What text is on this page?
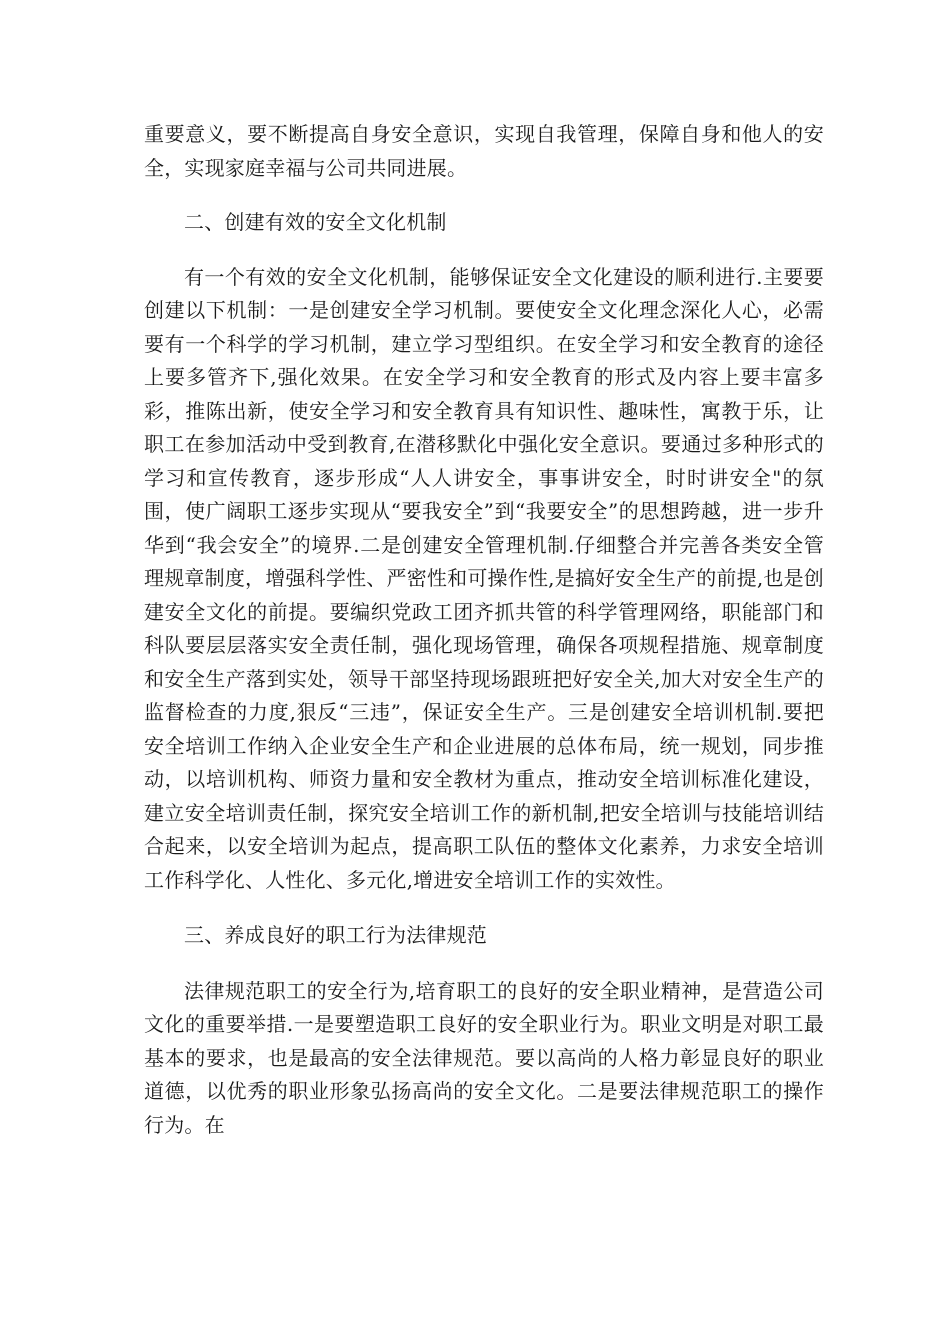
重要意义，要不断提高自身安全意识，实现自我管理，保障自身和他人的安全，实现家庭幸福与公司共同进展。

二、创建有效的安全文化机制

有一个有效的安全文化机制，能够保证安全文化建设的顺利进行.主要要创建以下机制：一是创建安全学习机制。要使安全文化理念深化人心，必需要有一个科学的学习机制，建立学习型组织。在安全学习和安全教育的途径上要多管齐下,强化效果。在安全学习和安全教育的形式及内容上要丰富多彩，推陈出新，使安全学习和安全教育具有知识性、趣味性，寓教于乐，让职工在参加活动中受到教育,在潜移默化中强化安全意识。要通过多种形式的学习和宣传教育，逐步形成“人人讲安全，事事讲安全，时时讲安全"的氛围，使广阔职工逐步实现从“要我安全”到“我要安全”的思想跨越，进一步升华到“我会安全”的境界.二是创建安全管理机制.仔细整合并完善各类安全管理规章制度，增强科学性、严密性和可操作性,是搞好安全生产的前提,也是创建安全文化的前提。要编织党政工团齐抓共管的科学管理网络，职能部门和科队要层层落实安全责任制，强化现场管理，确保各项规程措施、规章制度和安全生产落到实处，领导干部坚持现场跟班把好安全关,加大对安全生产的监督检查的力度,狠反“三违”，保证安全生产。三是创建安全培训机制.要把安全培训工作纳入企业安全生产和企业进展的总体布局，统一规划，同步推动，以培训机构、师资力量和安全教材为重点，推动安全培训标准化建设，建立安全培训责任制，探究安全培训工作的新机制,把安全培训与技能培训结合起来，以安全培训为起点，提高职工队伍的整体文化素养，力求安全培训工作科学化、人性化、多元化,增进安全培训工作的实效性。

三、养成良好的职工行为法律规范

法律规范职工的安全行为,培育职工的良好的安全职业精神，是营造公司文化的重要举措.一是要塑造职工良好的安全职业行为。职业文明是对职工最基本的要求，也是最高的安全法律规范。要以高尚的人格力彰显良好的职业道德，以优秀的职业形象弘扬高尚的安全文化。二是要法律规范职工的操作行为。在
